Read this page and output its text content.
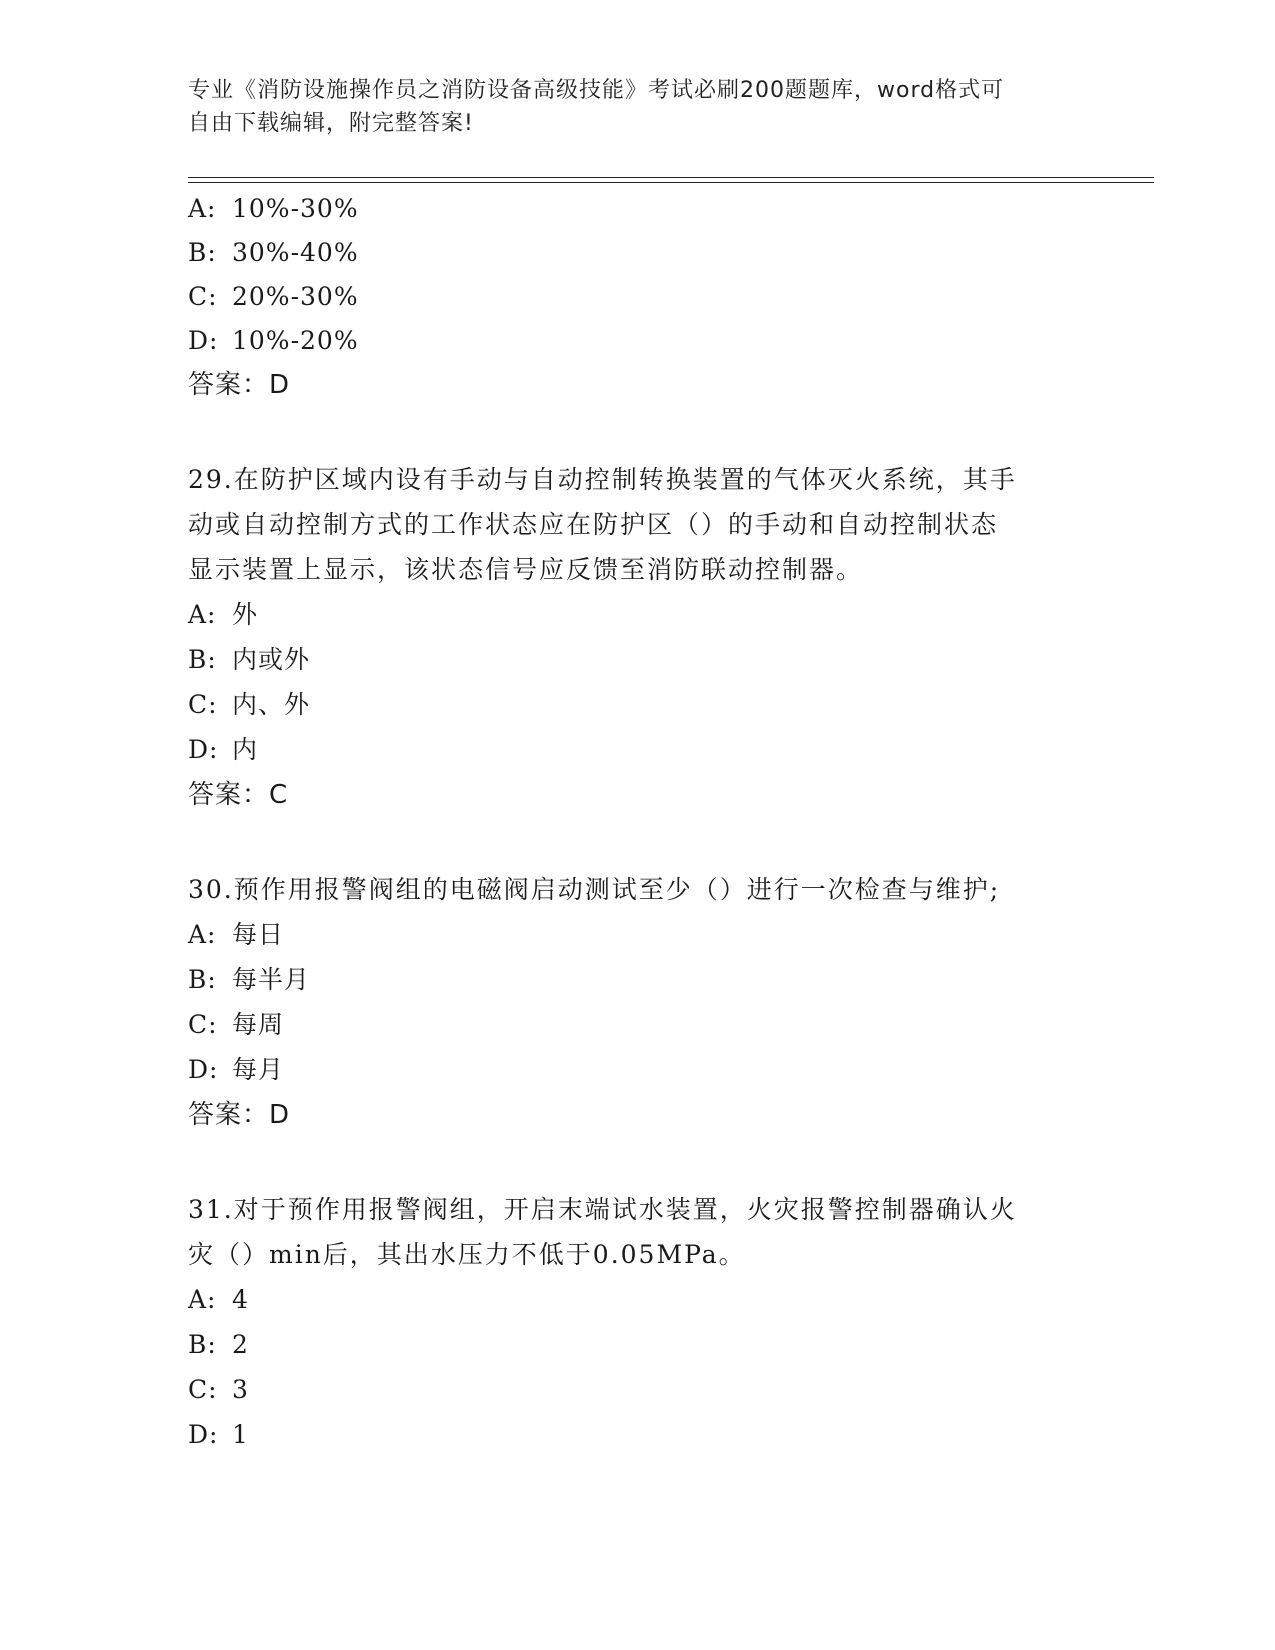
专业《消防设施操作员之消防设备高级技能》考试必刷200题题库，word格式可
自由下载编辑，附完整答案!
A: 10%-30%
B: 30%-40%
C: 20%-30%
D: 10%-20%
答案：D
29.在防护区域内设有手动与自动控制转换装置的气体灭火系统，其手
动或自动控制方式的工作状态应在防护区（）的手动和自动控制状态
显示装置上显示，该状态信号应反馈至消防联动控制器。
A: 外
B: 内或外
C: 内、外
D: 内
答案：C
30.预作用报警阀组的电磁阀启动测试至少（）进行一次检查与维护;
A: 每日
B: 每半月
C: 每周
D: 每月
答案：D
31.对于预作用报警阀组，开启末端试水装置，火灾报警控制器确认火
灾（）min后，其出水压力不低于0.05MPa。
A: 4
B: 2
C: 3
D: 1
